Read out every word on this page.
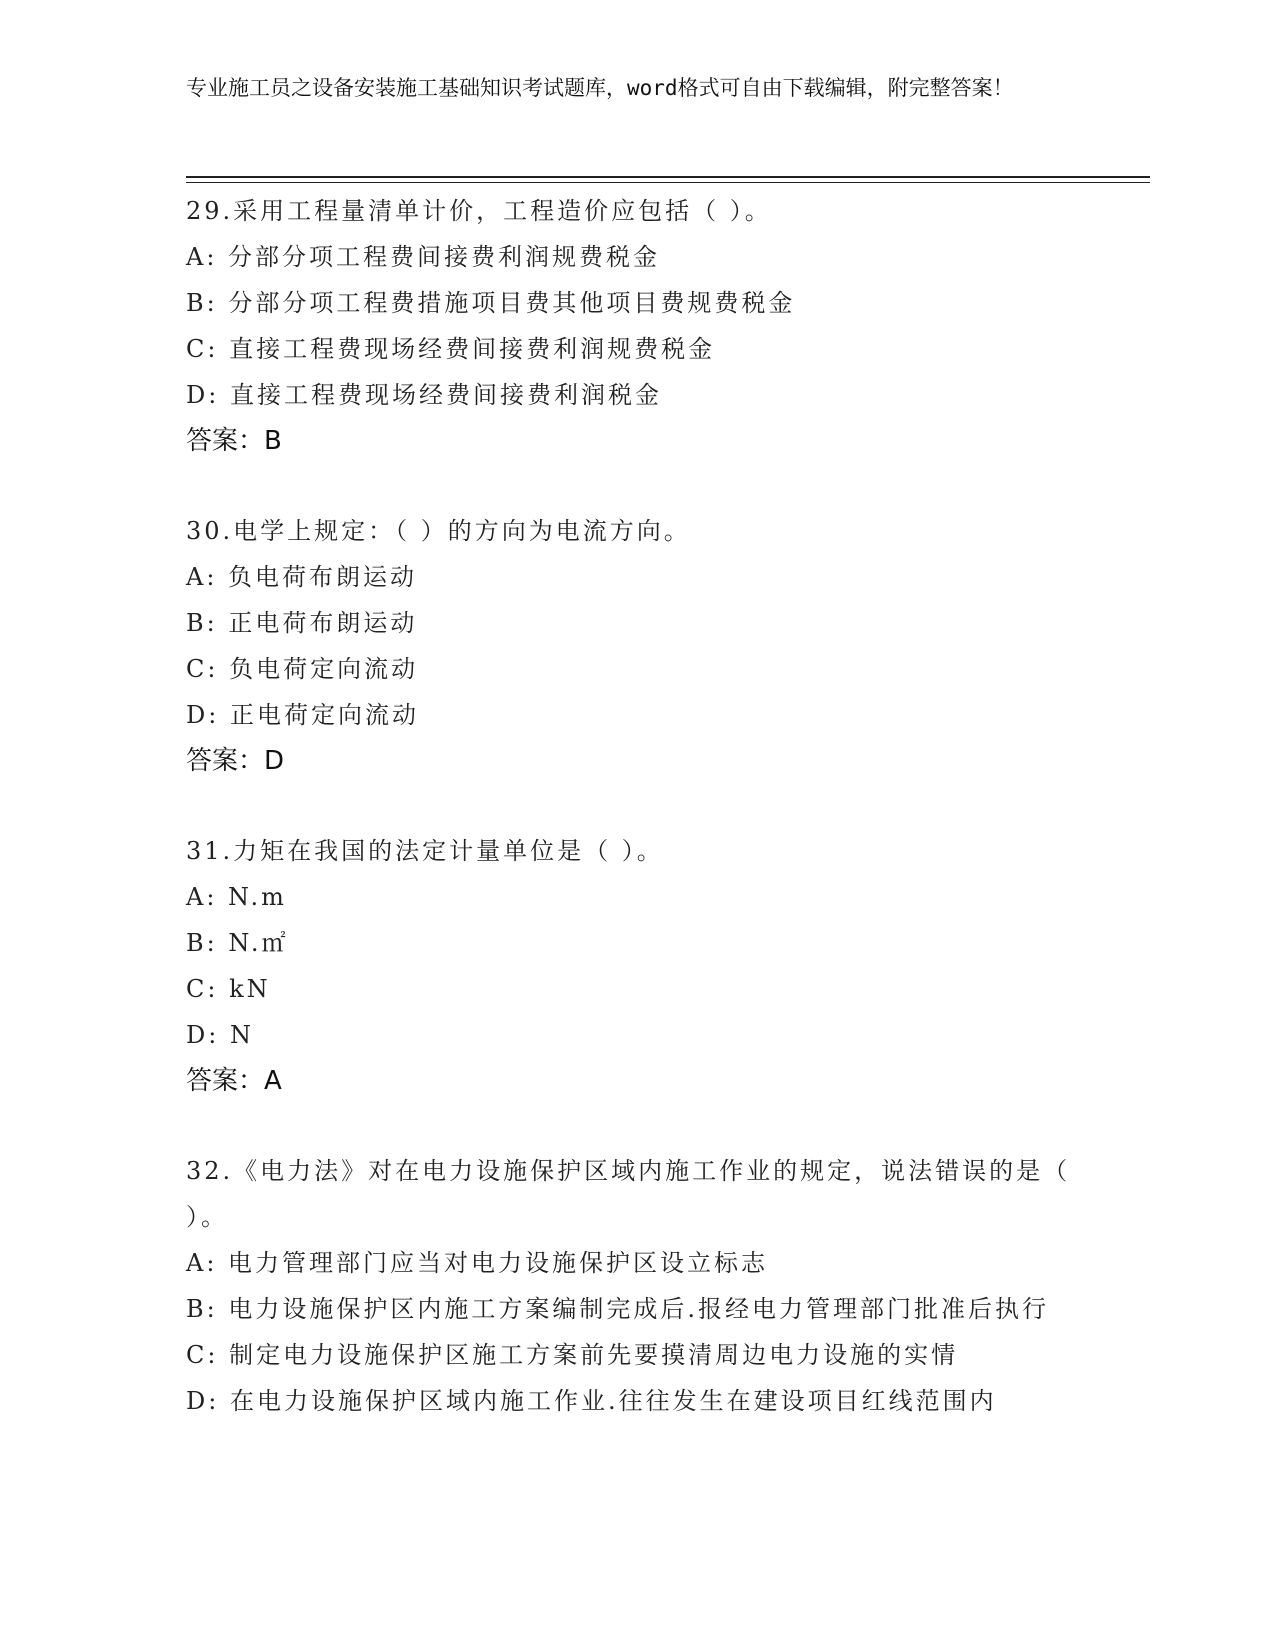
专业施工员之设备安装施工基础知识考试题库，word格式可自由下载编辑，附完整答案！
29.采用工程量清单计价，工程造价应包括（ ）。
A: 分部分项工程费间接费利润规费税金
B: 分部分项工程费措施项目费其他项目费规费税金
C: 直接工程费现场经费间接费利润规费税金
D: 直接工程费现场经费间接费利润税金
答案：B
30.电学上规定：（ ）的方向为电流方向。
A: 负电荷布朗运动
B: 正电荷布朗运动
C: 负电荷定向流动
D: 正电荷定向流动
答案：D
31.力矩在我国的法定计量单位是（ ）。
A: N.m
B: N.㎡
C: kN
D: N
答案：A
32.《电力法》对在电力设施保护区域内施工作业的规定，说法错误的是（ ）。
A: 电力管理部门应当对电力设施保护区设立标志
B: 电力设施保护区内施工方案编制完成后.报经电力管理部门批准后执行
C: 制定电力设施保护区施工方案前先要摸清周边电力设施的实情
D: 在电力设施保护区域内施工作业.往往发生在建设项目红线范围内
